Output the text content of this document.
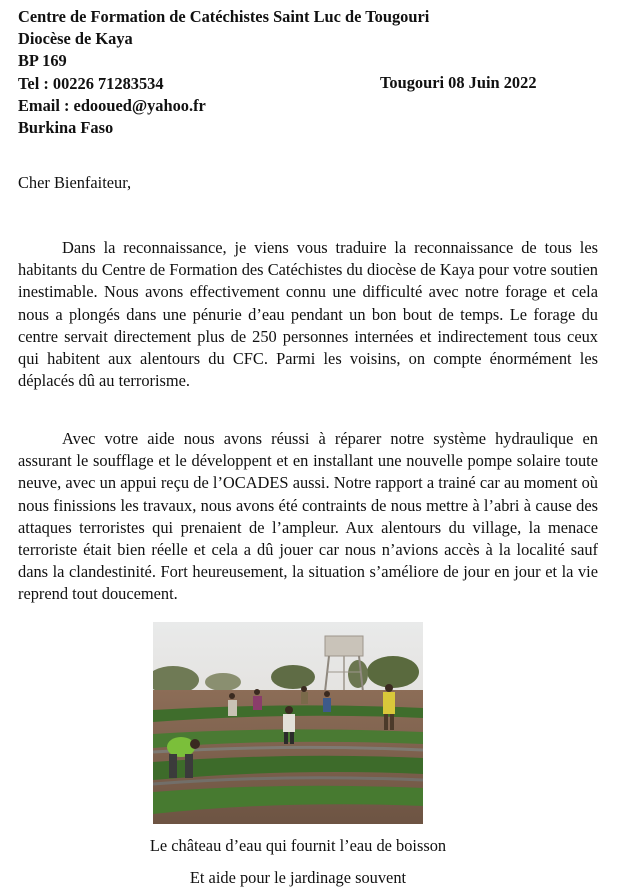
Centre de Formation de Catéchistes Saint Luc de Tougouri
Diocèse de Kaya
BP 169
Tel : 00226 71283534
Email : edooued@yahoo.fr
Burkina Faso
Tougouri 08 Juin 2022
Cher Bienfaiteur,

Dans la reconnaissance, je viens vous traduire la reconnaissance de tous les habitants du Centre de Formation des Catéchistes du diocèse de Kaya pour votre soutien inestimable. Nous avons effectivement connu une difficulté avec notre forage et cela nous a plongés dans une pénurie d’eau pendant un bon bout de temps. Le forage du centre servait directement plus de 250 personnes internées et indirectement tous ceux qui habitent aux alentours du CFC. Parmi les voisins, on compte énormément les déplacés dû au terrorisme.

Avec votre aide nous avons réussi à réparer notre système hydraulique en assurant le soufflage et le développent et en installant une nouvelle pompe solaire toute neuve, avec un appui reçu de l’OCADES aussi. Notre rapport a trainé car au moment où nous finissions les travaux, nous avons été contraints de nous mettre à l’abri à cause des attaques terroristes qui prenaient de l’ampleur. Aux alentours du village, la menace terroriste était bien réelle et cela a dû jouer car nous n’avions accès à la localité sauf dans la clandestinité. Fort heureusement, la situation s’améliore de jour en jour et la vie reprend tout doucement.

Le château d’eau qui fournit l’eau de boisson
Et aide pour le jardinage souvent
